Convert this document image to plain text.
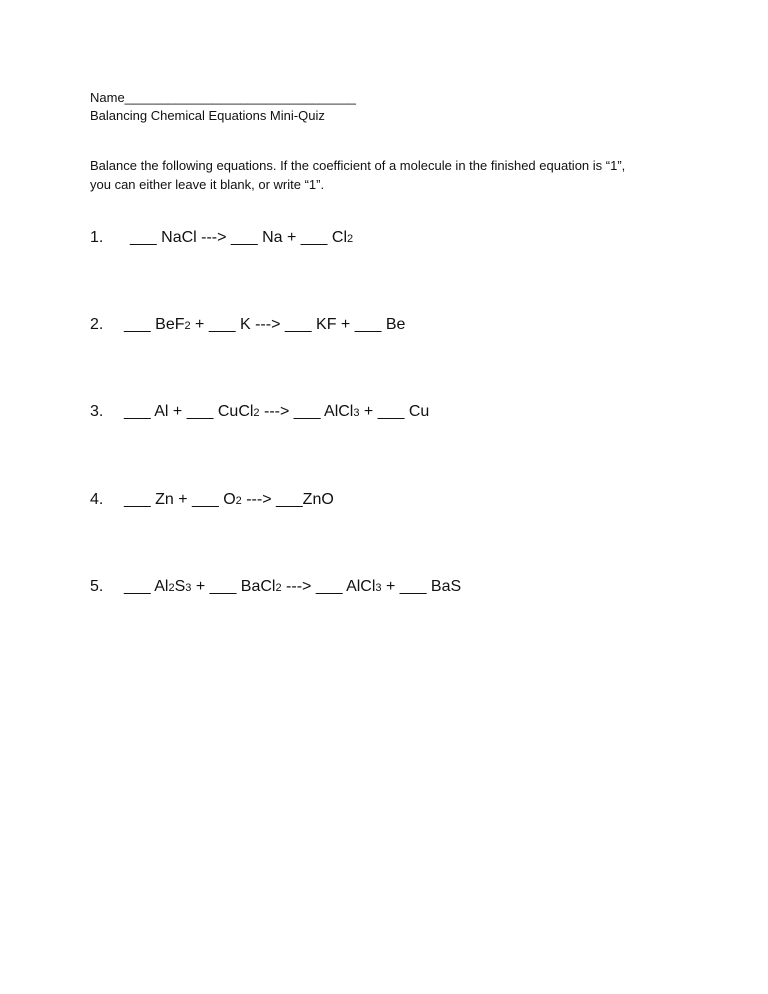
Name________________________________
Balancing Chemical Equations Mini-Quiz
Balance the following equations. If the coefficient of a molecule in the finished equation is “1”,
you can either leave it blank, or write “1”.
1. ___ NaCl ---> ___ Na + ___ Cl2
2. ___ BeF2 + ___ K ---> ___ KF + ___ Be
3. ___ Al + ___ CuCl2 ---> ___ AlCl3 + ___ Cu
4. ___ Zn + ___ O2 ---> ___ZnO
5. ___ Al2S3 + ___ BaCl2 ---> ___ AlCl3 + ___ BaS
